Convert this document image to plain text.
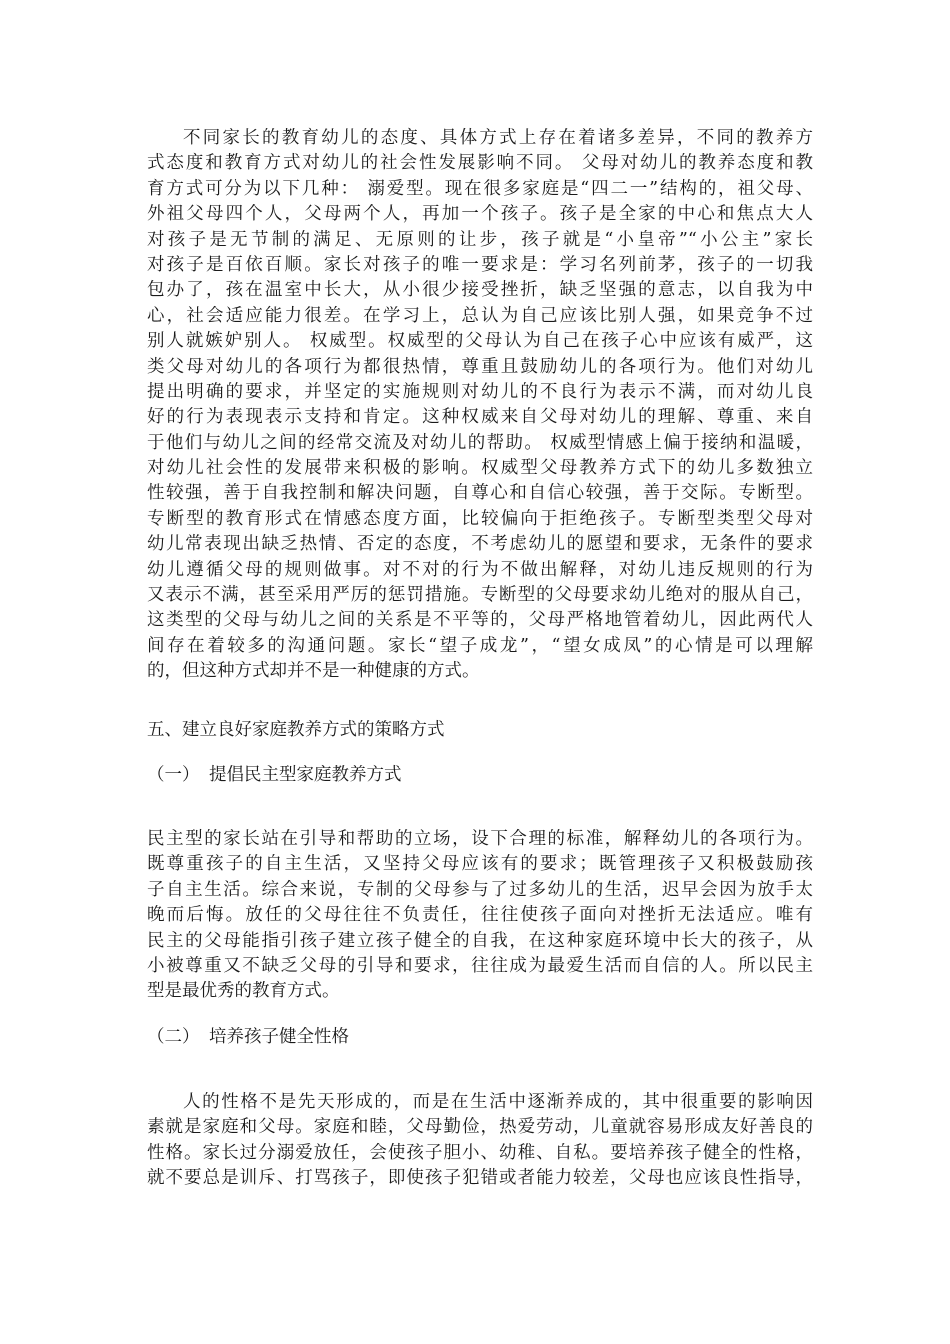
不同家长的教育幼儿的态度、具体方式上存在着诸多差异，不同的教养方
式态度和教育方式对幼儿的社会性发展影响不同。 父母对幼儿的教养态度和教
育方式可分为以下几种： 溺爱型。现在很多家庭是“四二一”结构的，祖父母、
外祖父母四个人，父母两个人，再加一个孩子。孩子是全家的中心和焦点大人
对孩子是无节制的满足、无原则的让步，孩子就是“小皇帝”“小公主”家长
对孩子是百依百顺。家长对孩子的唯一要求是：学习名列前茅，孩子的一切我
包办了，孩在温室中长大，从小很少接受挫折，缺乏坚强的意志，以自我为中
心，社会适应能力很差。在学习上，总认为自己应该比别人强，如果竞争不过
别人就嫉妒别人。 权威型。权威型的父母认为自己在孩子心中应该有威严，这
类父母对幼儿的各项行为都很热情，尊重且鼓励幼儿的各项行为。他们对幼儿
提出明确的要求，并坚定的实施规则对幼儿的不良行为表示不满，而对幼儿良
好的行为表现表示支持和肯定。这种权威来自父母对幼儿的理解、尊重、来自
于他们与幼儿之间的经常交流及对幼儿的帮助。 权威型情感上偏于接纳和温暖，
对幼儿社会性的发展带来积极的影响。权威型父母教养方式下的幼儿多数独立
性较强，善于自我控制和解决问题，自尊心和自信心较强，善于交际。专断型。
专断型的教育形式在情感态度方面，比较偏向于拒绝孩子。专断型类型父母对
幼儿常表现出缺乏热情、否定的态度，不考虑幼儿的愿望和要求，无条件的要求
幼儿遵循父母的规则做事。对不对的行为不做出解释，对幼儿违反规则的行为
又表示不满，甚至采用严厉的惩罚措施。专断型的父母要求幼儿绝对的服从自己，
这类型的父母与幼儿之间的关系是不平等的，父母严格地管着幼儿，因此两代人
间存在着较多的沟通问题。家长“望子成龙”，“望女成凤”的心情是可以理解
的，但这种方式却并不是一种健康的方式。
五、建立良好家庭教养方式的策略方式
（一） 提倡民主型家庭教养方式
民主型的家长站在引导和帮助的立场，设下合理的标准，解释幼儿的各项行为。
既尊重孩子的自主生活，又坚持父母应该有的要求；既管理孩子又积极鼓励孩
子自主生活。综合来说，专制的父母参与了过多幼儿的生活，迟早会因为放手太
晚而后悔。放任的父母往往不负责任，往往使孩子面向对挫折无法适应。唯有
民主的父母能指引孩子建立孩子健全的自我，在这种家庭环境中长大的孩子，从
小被尊重又不缺乏父母的引导和要求，往往成为最爱生活而自信的人。所以民主
型是最优秀的教育方式。
（二） 培养孩子健全性格
人的性格不是先天形成的，而是在生活中逐渐养成的，其中很重要的影响因
素就是家庭和父母。家庭和睦，父母勤俭，热爱劳动，儿童就容易形成友好善良的
性格。家长过分溺爱放任，会使孩子胆小、幼稚、自私。要培养孩子健全的性格，
就不要总是训斥、打骂孩子，即使孩子犯错或者能力较差，父母也应该良性指导，
